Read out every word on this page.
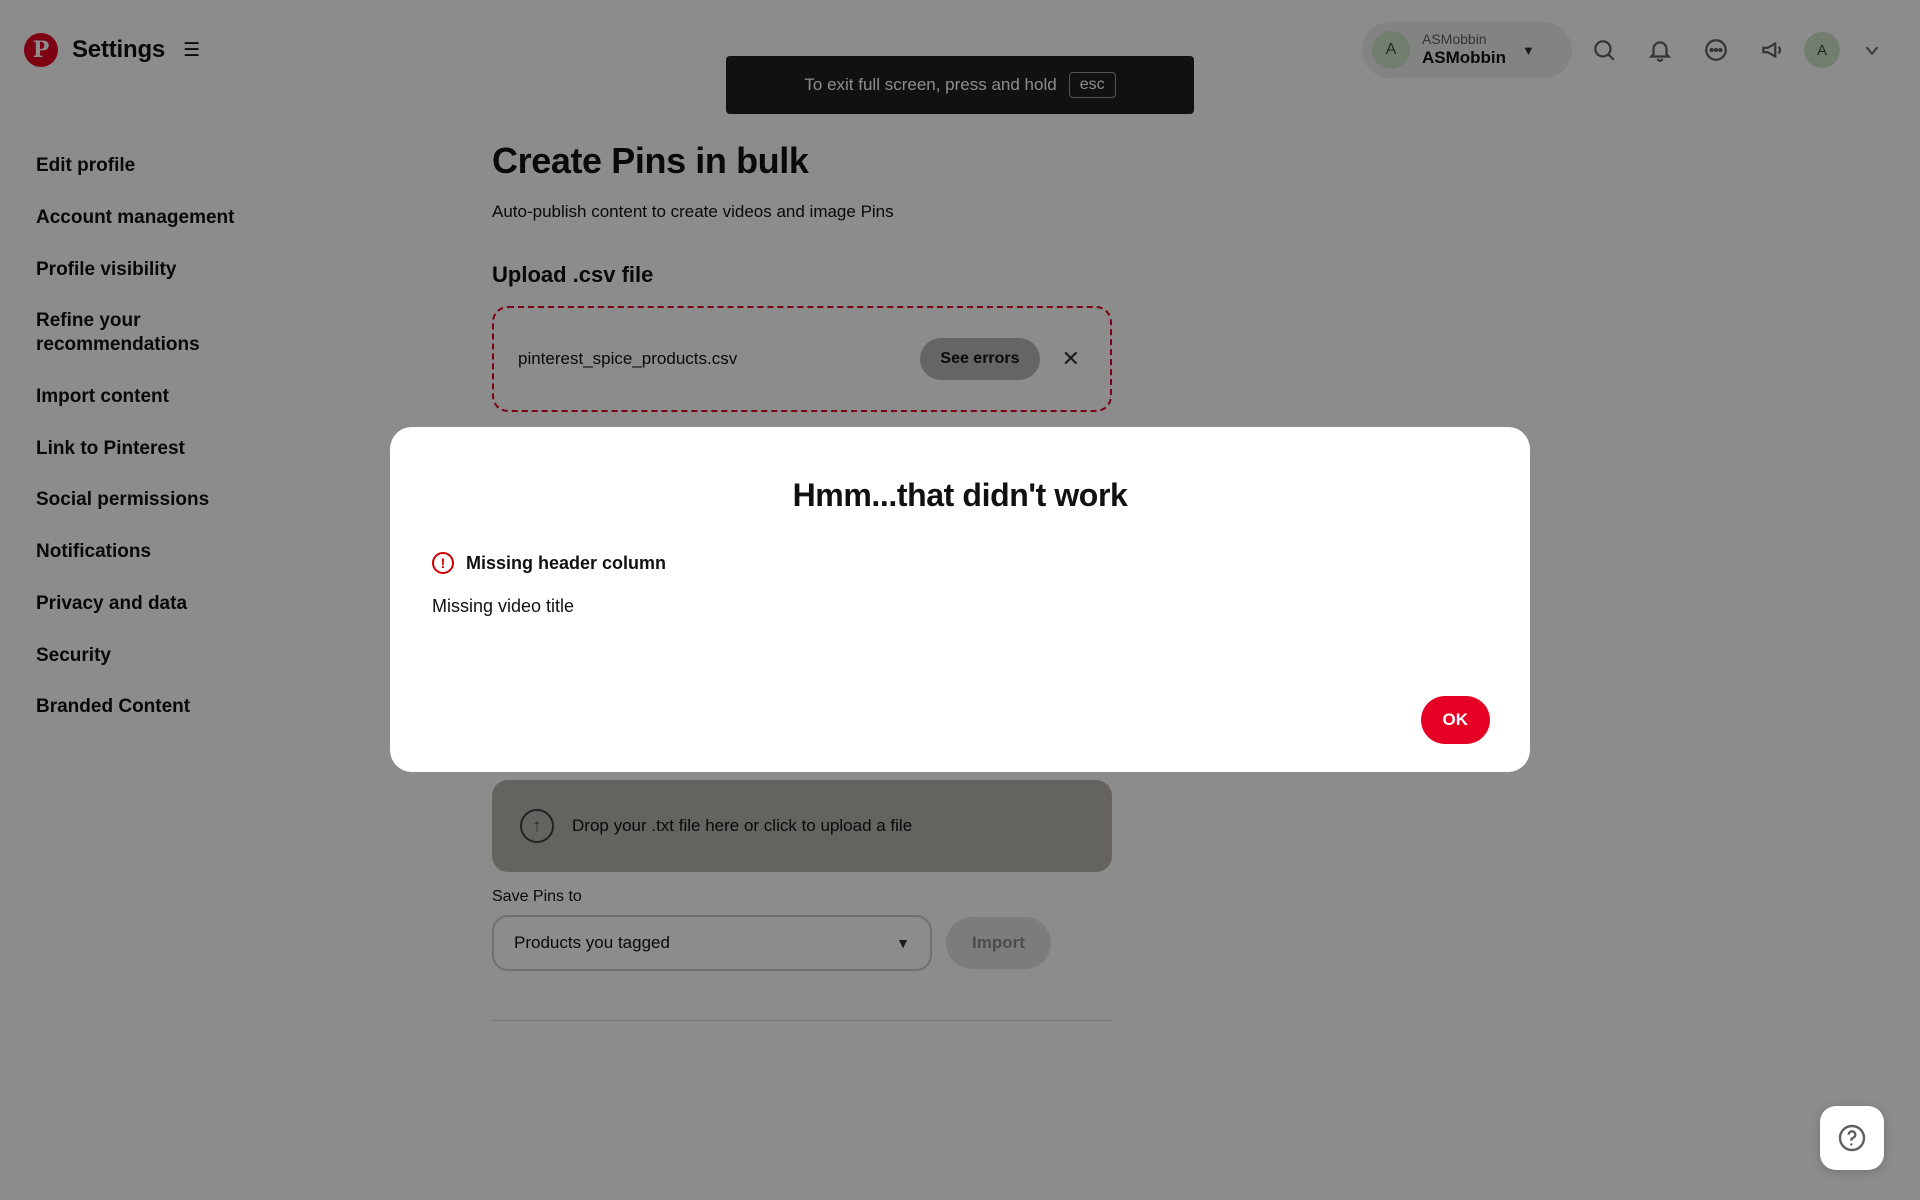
P Settings ☰	A
ASMobbin
ASMobbin ▼	A
To exit full screen, press and hold	esc
Edit profile
Account management
Profile visibility
Refine your recommendations
Import content
Link to Pinterest
Social permissions
Notifications
Privacy and data
Security
Branded Content
Create Pins in bulk
Auto-publish content to create videos and image Pins
Upload .csv file
pinterest_spice_products.csv	See errors	✕
↑	Drop your .txt file here or click to upload a file
Save Pins to
Products you tagged	▼	Import
Hmm...that didn't work
!	Missing header column
Missing video title
OK
